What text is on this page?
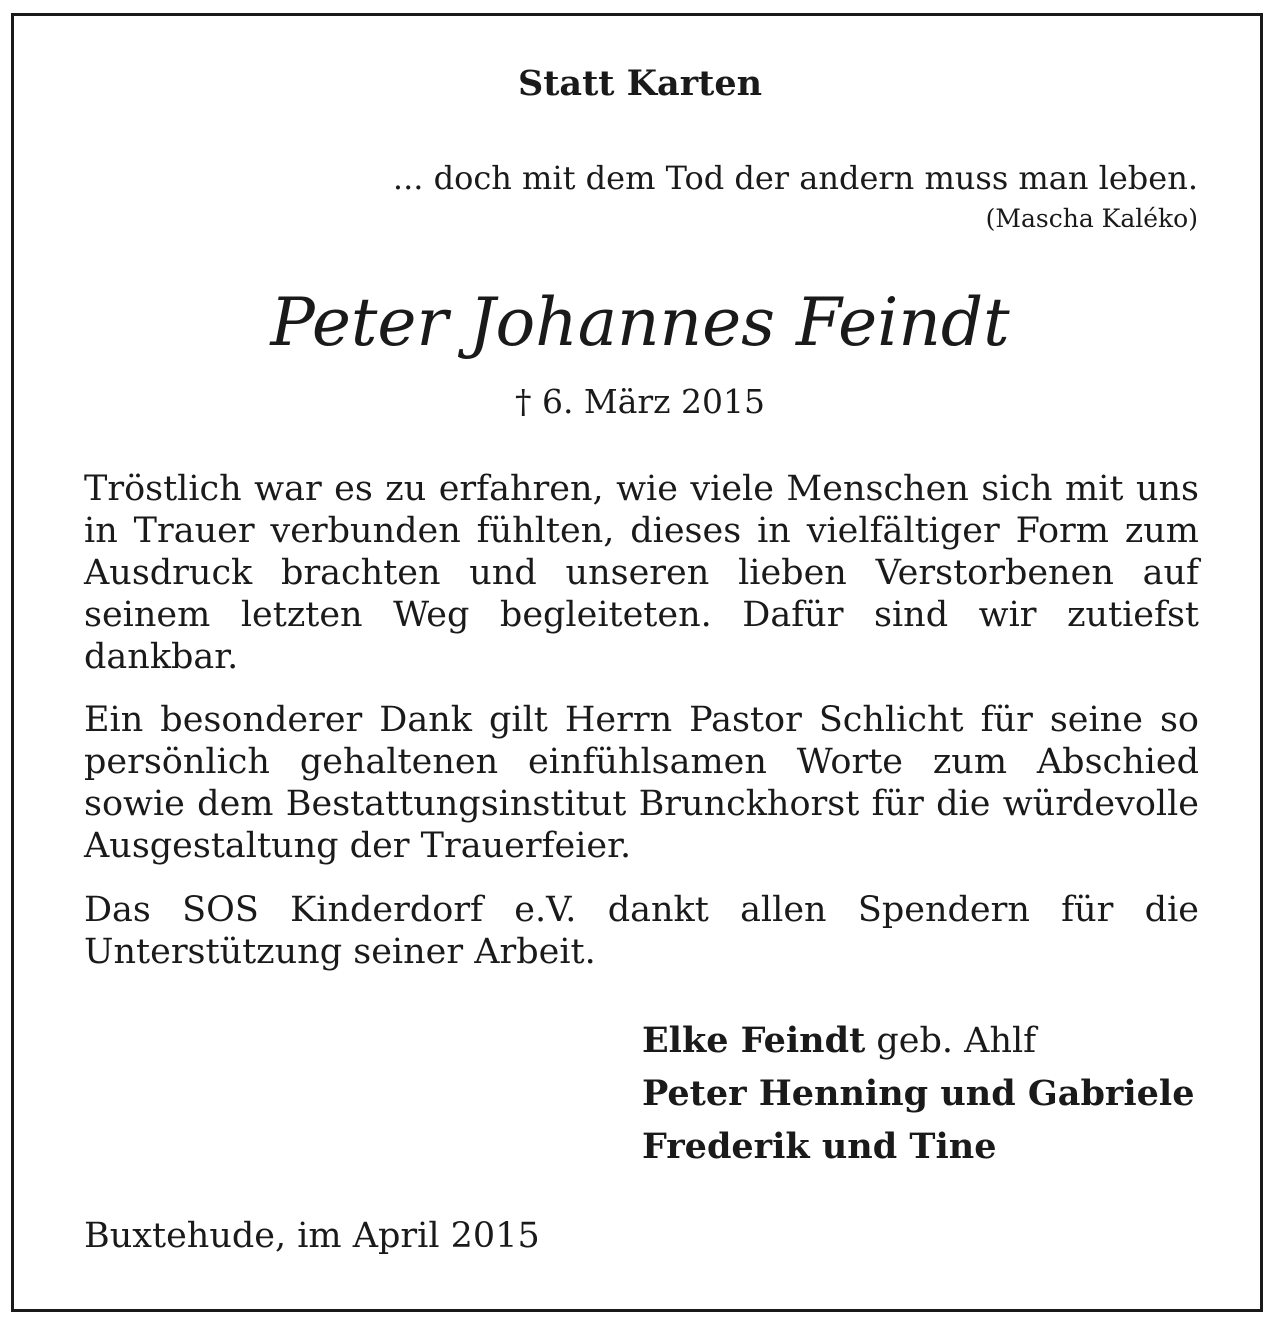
Statt Karten
... doch mit dem Tod der andern muss man leben.
(Mascha Kaléko)
Peter Johannes Feindt
† 6. März 2015

Tröstlich war es zu erfahren, wie viele Menschen sich mit uns in Trauer verbunden fühlten, dieses in vielfältiger Form zum Ausdruck brachten und unseren lieben Verstorbenen auf seinem letzten Weg begleiteten. Dafür sind wir zutiefst dankbar.

Ein besonderer Dank gilt Herrn Pastor Schlicht für seine so persönlich gehaltenen einfühlsamen Worte zum Abschied sowie dem Bestattungsinstitut Brunckhorst für die würdevolle Ausgestaltung der Trauerfeier.

Das SOS Kinderdorf e.V. dankt allen Spendern für die Unterstützung seiner Arbeit.

Elke Feindt geb. Ahlf
Peter Henning und Gabriele
Frederik und Tine
Buxtehude, im April 2015
